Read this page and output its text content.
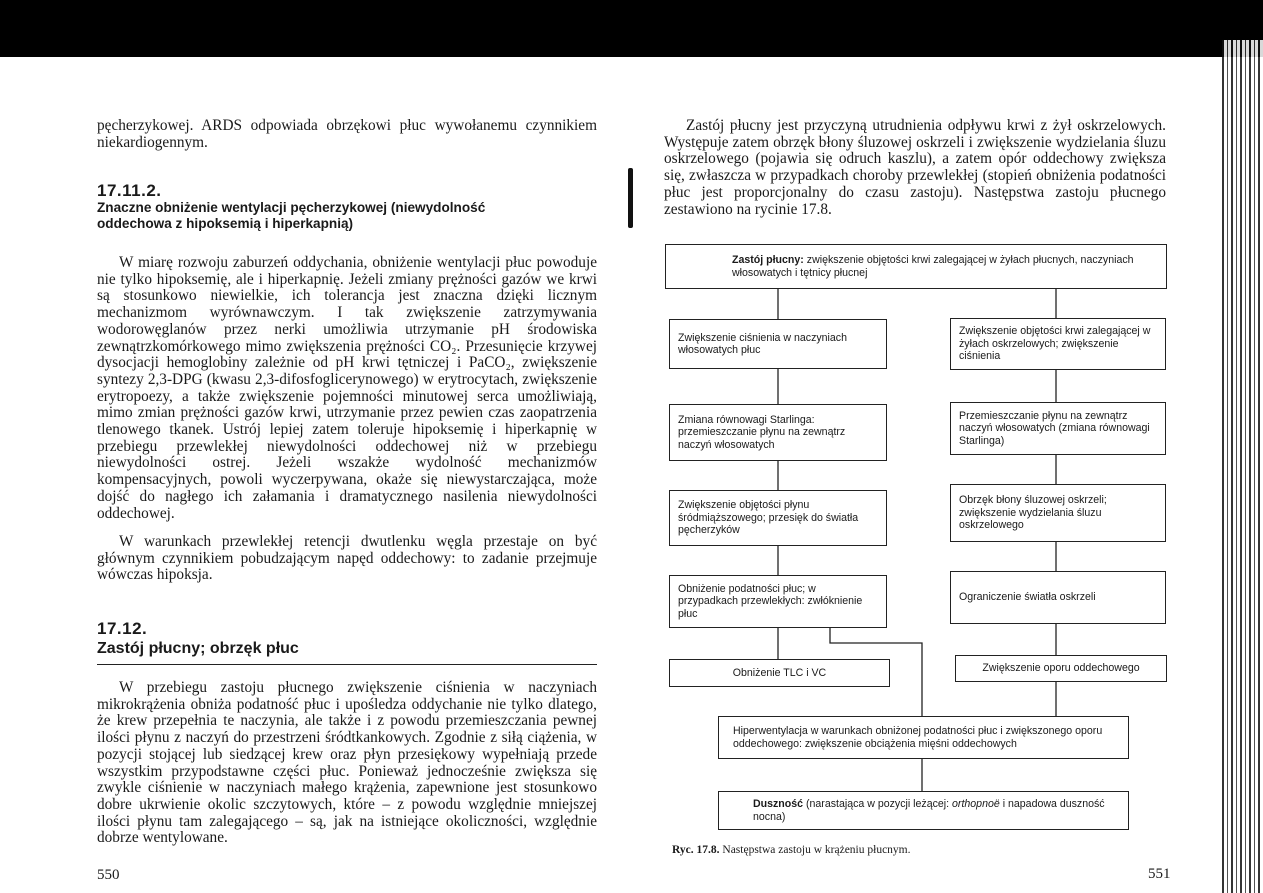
pęcherzykowej. ARDS odpowiada obrzękowi płuc wywołanemu czynnikiem niekardiogennym.

17.11.2.
Znaczne obniżenie wentylacji pęcherzykowej (niewydolność oddechowa z hipoksemią i hiperkapnią)

W miarę rozwoju zaburzeń oddychania, obniżenie wentylacji płuc powoduje nie tylko hipoksemię, ale i hiperkapnię. Jeżeli zmiany prężności gazów we krwi są stosunkowo niewielkie, ich tolerancja jest znaczna dzięki licznym mechanizmom wyrównawczym. I tak zwiększenie zatrzymywania wodorowęglanów przez nerki umożliwia utrzymanie pH środowiska zewnątrzkomórkowego mimo zwiększenia prężności CO₂. Przesunięcie krzywej dysocjacji hemoglobiny zależnie od pH krwi tętniczej i PaCO₂, zwiększenie syntezy 2,3-DPG (kwasu 2,3-difosfoglicerynowego) w erytrocytach, zwiększenie erytropoezy, a także zwiększenie pojemności minutowej serca umożliwiają, mimo zmian prężności gazów krwi, utrzymanie przez pewien czas zaopatrzenia tlenowego tkanek. Ustrój lepiej zatem toleruje hipoksemię i hiperkapnię w przebiegu przewlekłej niewydolności oddechowej niż w przebiegu niewydolności ostrej. Jeżeli wszakże wydolność mechanizmów kompensacyjnych, powoli wyczerpywana, okaże się niewystarczająca, może dojść do nagłego ich załamania i dramatycznego nasilenia niewydolności oddechowej.

W warunkach przewlekłej retencji dwutlenku węgla przestaje on być głównym czynnikiem pobudzającym napęd oddechowy: to zadanie przejmuje wówczas hipoksja.

17.12.
Zastój płucny; obrzęk płuc

W przebiegu zastoju płucnego zwiększenie ciśnienia w naczyniach mikrokrążenia obniża podatność płuc i upośledza oddychanie nie tylko dlatego, że krew przepełnia te naczynia, ale także i z powodu przemieszczania pewnej ilości płynu z naczyń do przestrzeni śródtkankowych. Zgodnie z siłą ciążenia, w pozycji stojącej lub siedzącej krew oraz płyn przesiękowy wypełniają przede wszystkim przypodstawne części płuc. Ponieważ jednocześnie zwiększa się zwykle ciśnienie w naczyniach małego krążenia, zapewnione jest stosunkowo dobre ukrwienie okolic szczytowych, które – z powodu względnie mniejszej ilości płynu tam zalegającego – są, jak na istniejące okoliczności, względnie dobrze wentylowane.

550

Zastój płucny jest przyczyną utrudnienia odpływu krwi z żył oskrzelowych. Występuje zatem obrzęk błony śluzowej oskrzeli i zwiększenie wydzielania śluzu oskrzelowego (pojawia się odruch kaszlu), a zatem opór oddechowy zwiększa się, zwłaszcza w przypadkach choroby przewlekłej (stopień obniżenia podatności płuc jest proporcjonalny do czasu zastoju). Następstwa zastoju płucnego zestawiono na rycinie 17.8.

Ryc. 17.8. Następstwa zastoju w krążeniu płucnym.
551
Zastój płucny: zwiększenie objętości krwi zalegającej w żyłach płucnych, naczyniach włosowatych i tętnicy płucnej
Zwiększenie ciśnienia w naczyniach włosowatych płuc
Zmiana równowagi Starlinga: przemieszczanie płynu na zewnątrz naczyń włosowatych
Zwiększenie objętości płynu śródmiąższowego; przesięk do światła pęcherzyków
Obniżenie podatności płuc; w przypadkach przewlekłych: zwłóknienie płuc
Obniżenie TLC i VC
Zwiększenie objętości krwi zalegającej w żyłach oskrzelowych; zwiększenie ciśnienia
Przemieszczanie płynu na zewnątrz naczyń włosowatych (zmiana równowagi Starlinga)
Obrzęk błony śluzowej oskrzeli; zwiększenie wydzielania śluzu oskrzelowego
Ograniczenie światła oskrzeli
Zwiększenie oporu oddechowego
Hiperwentylacja w warunkach obniżonej podatności płuc i zwiększonego oporu oddechowego: zwiększenie obciążenia mięśni oddechowych
Duszność (narastająca w pozycji leżącej: orthopnoë i napadowa duszność nocna)
